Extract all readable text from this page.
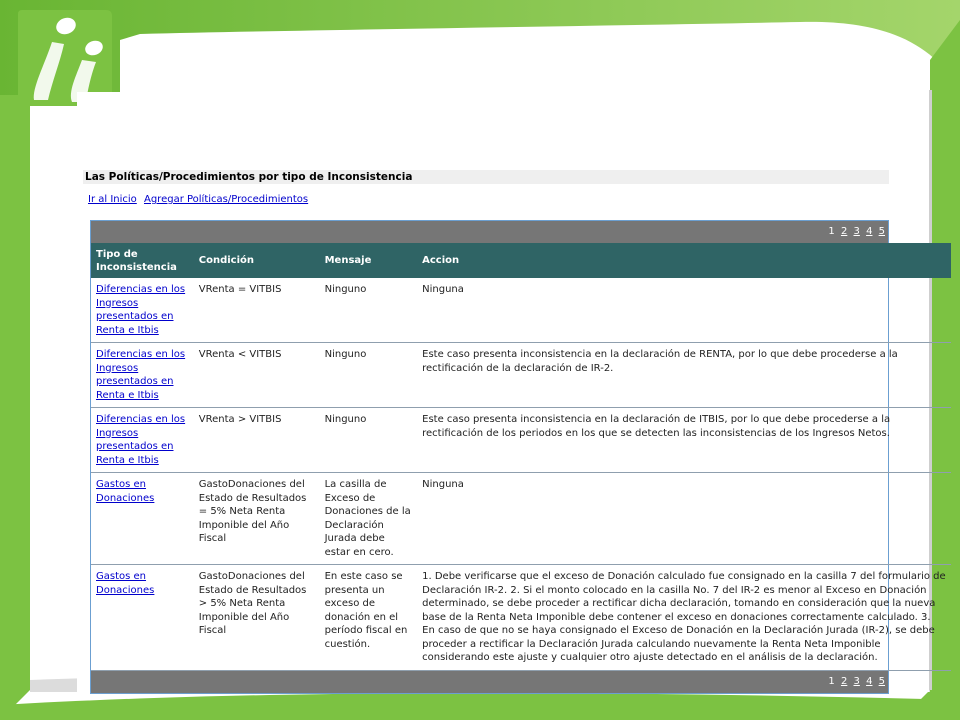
Las Políticas/Procedimientos por tipo de Inconsistencia
Ir al Inicio Agregar Políticas/Procedimientos
1 2 3 4 5
Tipo de Inconsistencia	Condición	Mensaje	Accion
Diferencias en los Ingresos presentados en Renta e Itbis	VRenta = VITBIS	Ninguno	Ninguna
Diferencias en los Ingresos presentados en Renta e Itbis	VRenta < VITBIS	Ninguno	Este caso presenta inconsistencia en la declaración de RENTA, por lo que debe procederse a la rectificación de la declaración de IR-2.
Diferencias en los Ingresos presentados en Renta e Itbis	VRenta > VITBIS	Ninguno	Este caso presenta inconsistencia en la declaración de ITBIS, por lo que debe procederse a la rectificación de los periodos en los que se detecten las inconsistencias de los Ingresos Netos.
Gastos en Donaciones	GastoDonaciones del Estado de Resultados = 5% Neta Renta Imponible del Año Fiscal	La casilla de Exceso de Donaciones de la Declaración Jurada debe estar en cero.	Ninguna
Gastos en Donaciones	GastoDonaciones del Estado de Resultados > 5% Neta Renta Imponible del Año Fiscal	En este caso se presenta un exceso de donación en el período fiscal en cuestión.	1. Debe verificarse que el exceso de Donación calculado fue consignado en la casilla 7 del formulario de Declaración IR-2. 2. Si el monto colocado en la casilla No. 7 del IR-2 es menor al Exceso en Donación determinado, se debe proceder a rectificar dicha declaración, tomando en consideración que la nueva base de la Renta Neta Imponible debe contener el exceso en donaciones correctamente calculado. 3. En caso de que no se haya consignado el Exceso de Donación en la Declaración Jurada (IR-2), se debe proceder a rectificar la Declaración Jurada calculando nuevamente la Renta Neta Imponible considerando este ajuste y cualquier otro ajuste detectado en el análisis de la declaración.
1 2 3 4 5
